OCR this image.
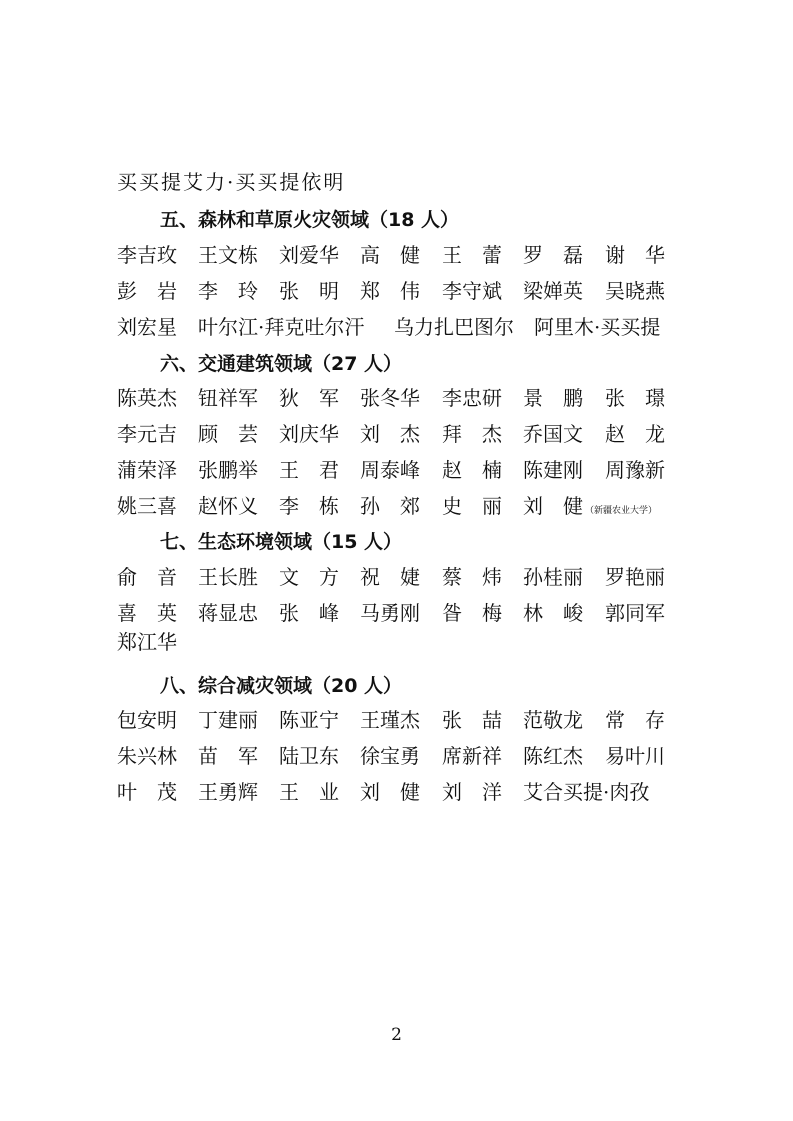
买买提艾力·买买提依明
五、森林和草原火灾领域（18 人）
李吉玫 王文栋 刘爱华 高　健 王　蕾 罗　磊 谢　华
彭　岩 李　玲 张　明 郑　伟 李守斌 梁婵英 吴晓燕
刘宏星 叶尔江·拜克吐尔汗 乌力扎巴图尔 阿里木·买买提
六、交通建筑领域（27 人）
陈英杰 钮祥军 狄　军 张冬华 李忠研 景　鹏 张　璟
李元吉 顾　芸 刘庆华 刘　杰 拜　杰 乔国文 赵　龙
蒲荣泽 张鹏举 王　君 周泰峰 赵　楠 陈建刚 周豫新
姚三喜 赵怀义 李　栋 孙　郊 史　丽 刘　健 （新疆农业大学）
七、生态环境领域（15 人）
俞　音 王长胜 文　方 祝　婕 蔡　炜 孙桂丽 罗艳丽
喜　英 蒋显忠 张　峰 马勇刚 昝　梅 林　峻 郭同军
郑江华
八、综合减灾领域（20 人）
包安明 丁建丽 陈亚宁 王瑾杰 张　喆 范敬龙 常　存
朱兴林 苗　军 陆卫东 徐宝勇 席新祥 陈红杰 易叶川
叶　茂 王勇辉 王　业 刘　健 刘　洋 艾合买提·肉孜
2
